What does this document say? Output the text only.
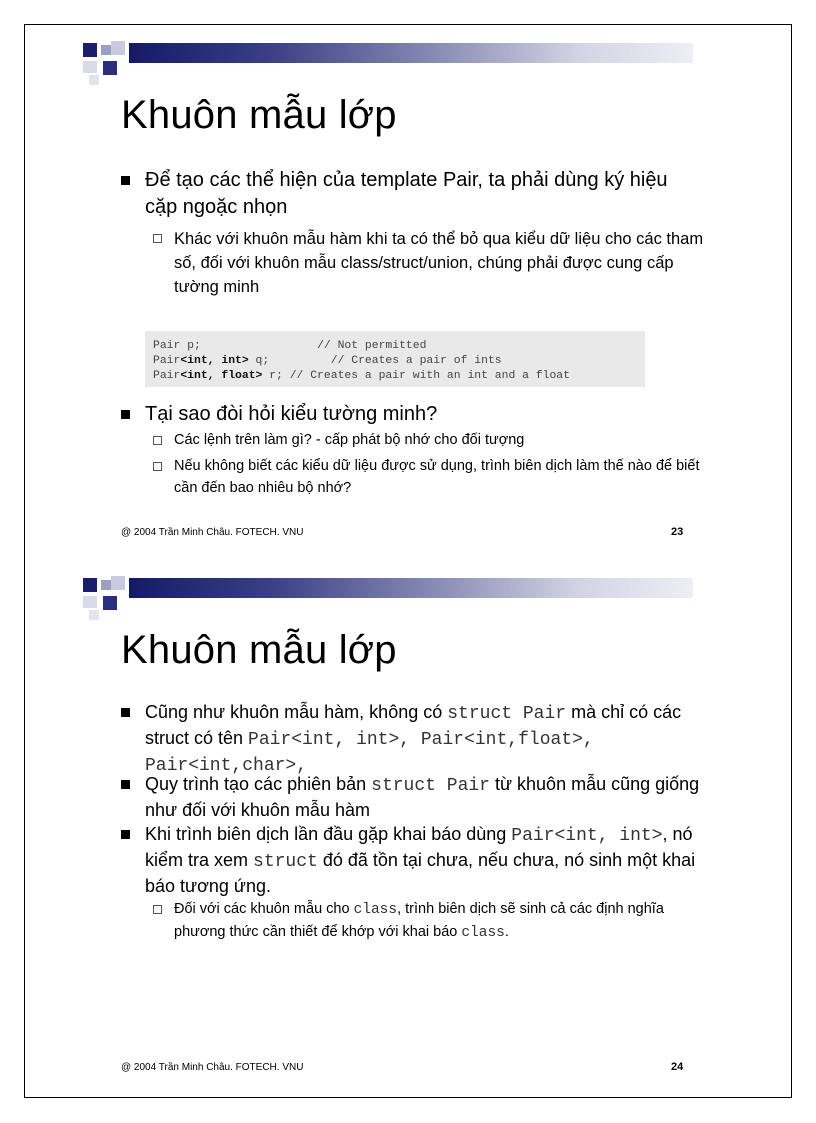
Khuôn mẫu lớp
Để tạo các thể hiện của template Pair, ta phải dùng ký hiệu cặp ngoặc nhọn
Khác với khuôn mẫu hàm khi ta có thể bỏ qua kiểu dữ liệu cho các tham số, đối với khuôn mẫu class/struct/union, chúng phải được cung cấp tường minh
Pair p;                 // Not permitted
Pair<int, int> q;         // Creates a pair of ints
Pair<int, float> r; // Creates a pair with an int and a float
Tại sao đòi hỏi kiểu tường minh?
Các lệnh trên làm gì? - cấp phát bộ nhớ cho đối tượng
Nếu không biết các kiểu dữ liệu được sử dụng, trình biên dịch làm thế nào để biết cần đến bao nhiêu bộ nhớ?
@ 2004 Trần Minh Châu. FOTECH. VNU	23
Khuôn mẫu lớp
Cũng như khuôn mẫu hàm, không có struct Pair mà chỉ có các struct có tên Pair<int, int>, Pair<int,float>, Pair<int,char>,
Quy trình tạo các phiên bản struct Pair từ khuôn mẫu cũng giống như đối với khuôn mẫu hàm
Khi trình biên dịch lần đầu gặp khai báo dùng Pair<int, int>, nó kiểm tra xem struct đó đã tồn tại chưa, nếu chưa, nó sinh một khai báo tương ứng.
Đối với các khuôn mẫu cho class, trình biên dịch sẽ sinh cả các định nghĩa phương thức cần thiết để khớp với khai báo class.
@ 2004 Trần Minh Châu. FOTECH. VNU	24
